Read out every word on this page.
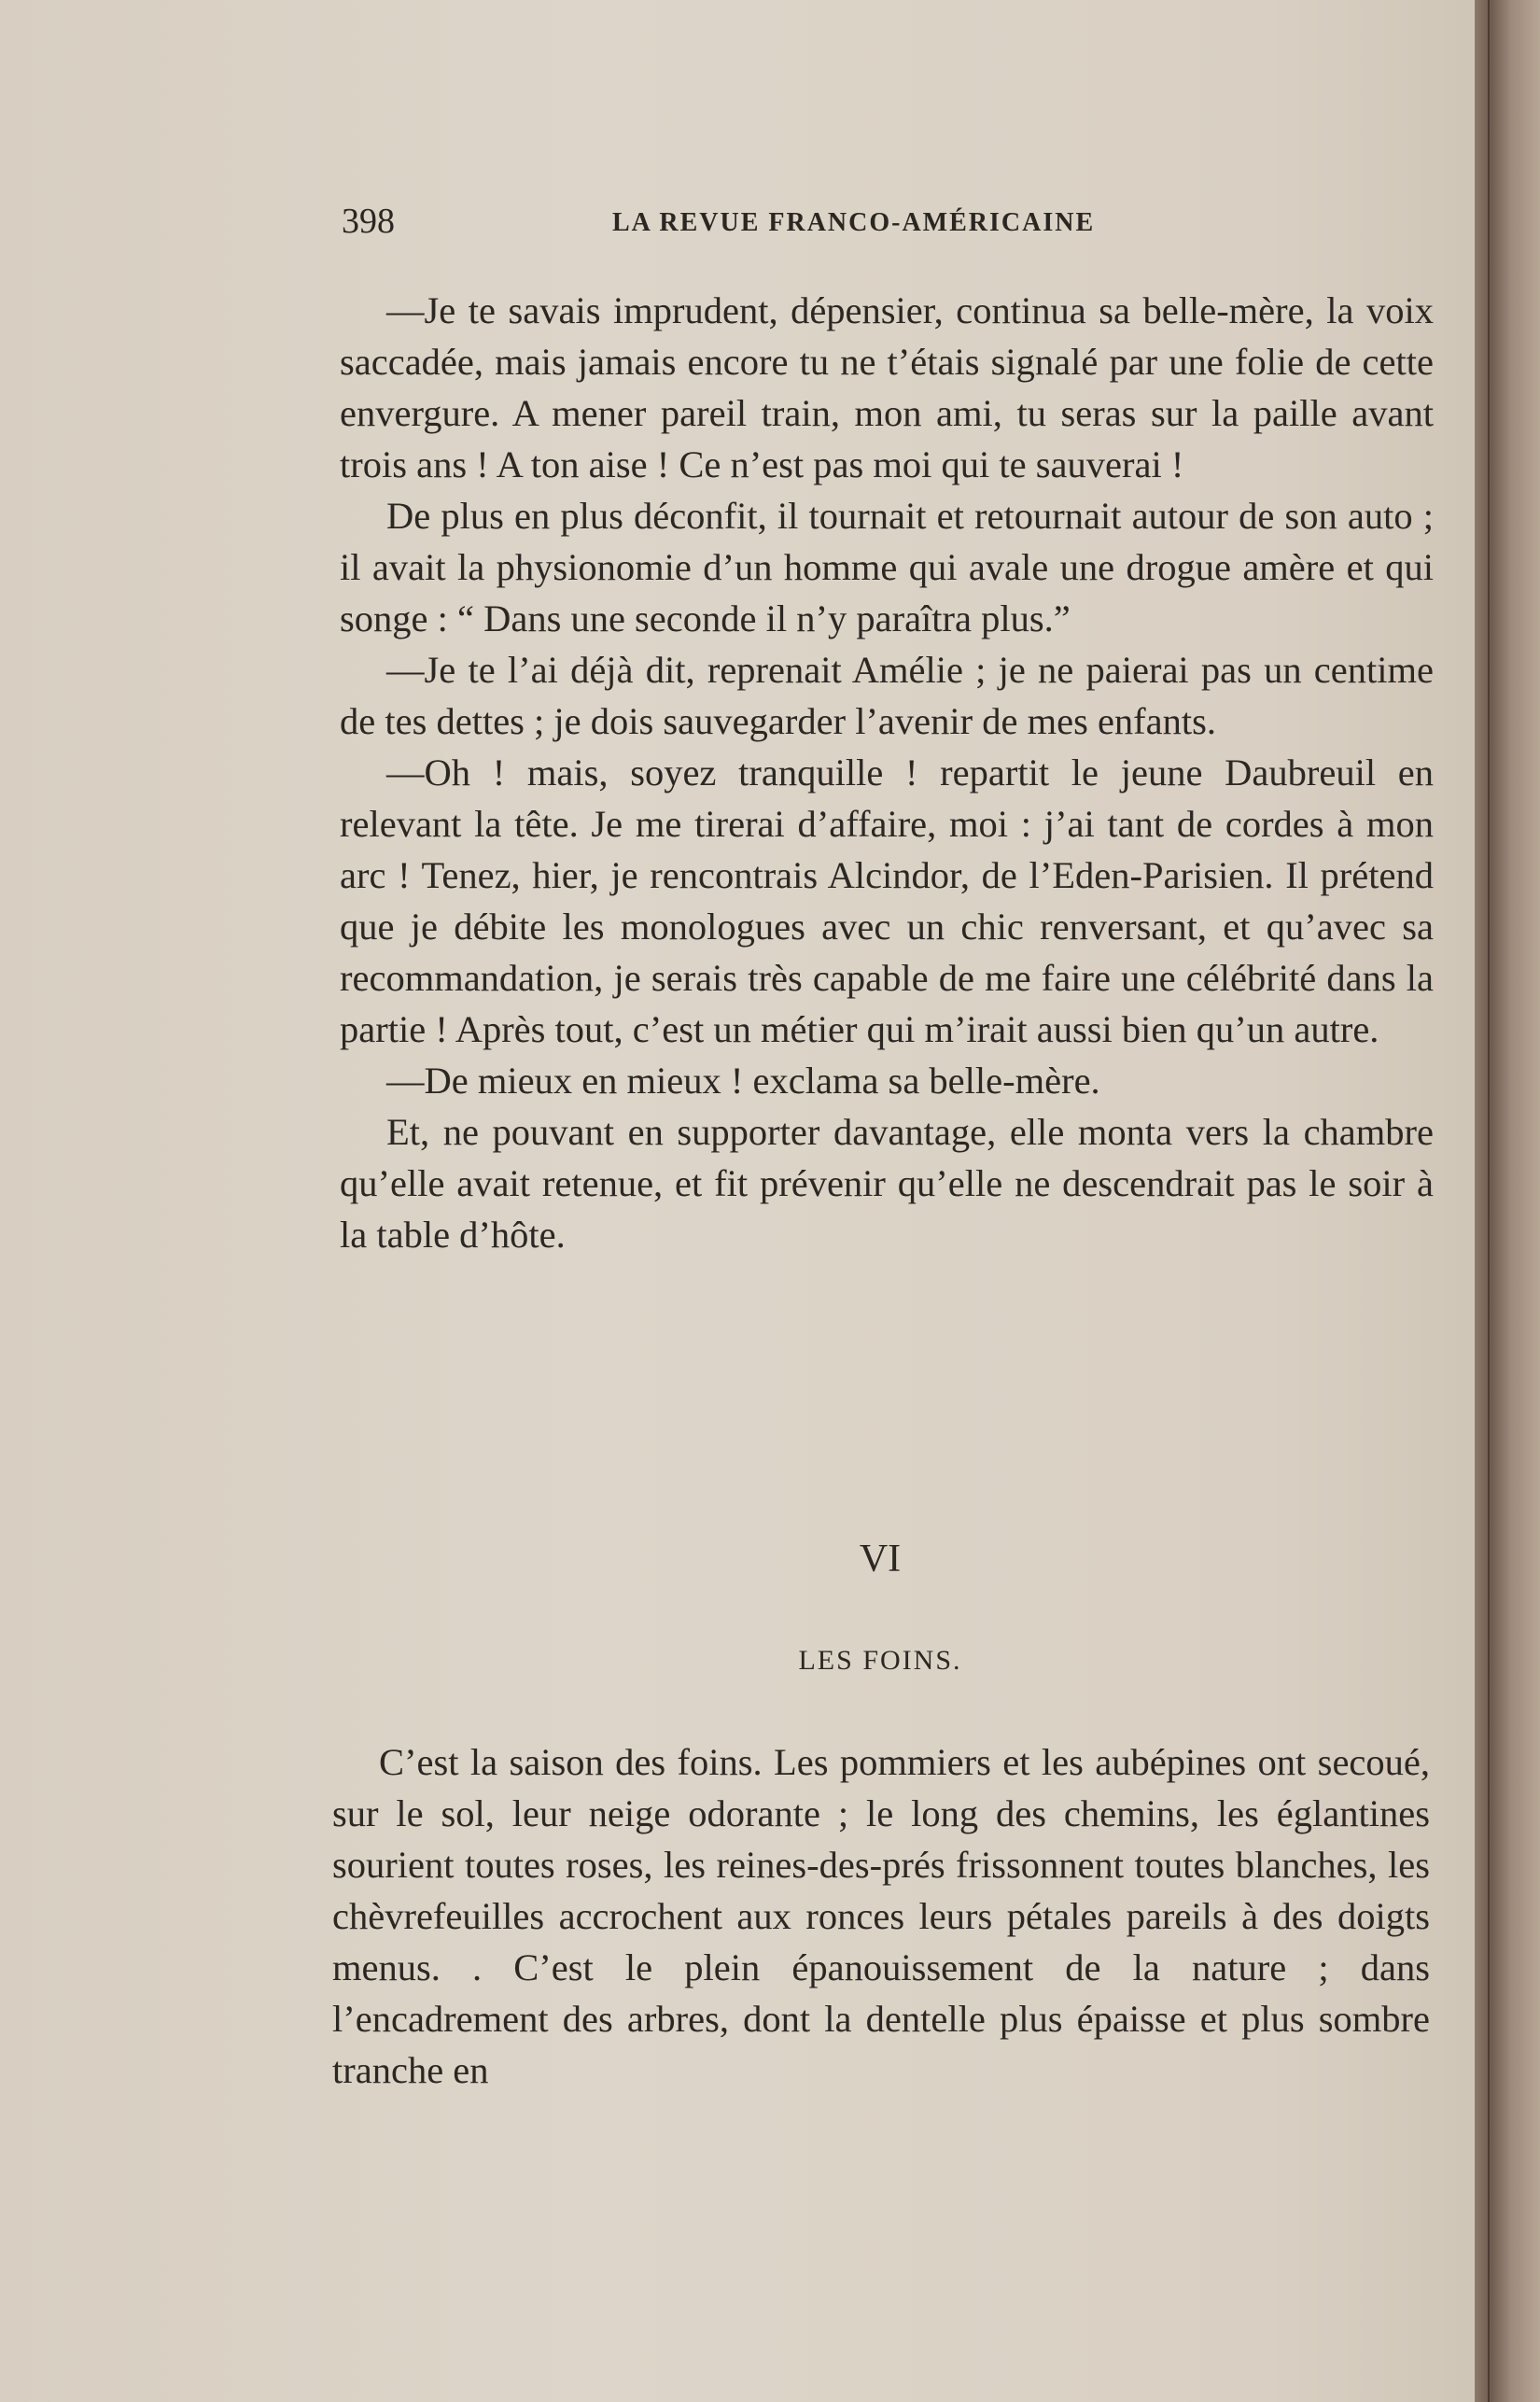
398	LA REVUE FRANCO-AMÉRICAINE

—Je te savais imprudent, dépensier, continua sa belle-mère, la voix saccadée, mais jamais encore tu ne t’étais signalé par une folie de cette envergure. A mener pareil train, mon ami, tu seras sur la paille avant trois ans ! A ton aise ! Ce n’est pas moi qui te sauverai !

De plus en plus déconfit, il tournait et retournait autour de son auto ; il avait la physionomie d’un homme qui avale une drogue amère et qui songe : “ Dans une seconde il n’y paraîtra plus.”

—Je te l’ai déjà dit, reprenait Amélie ; je ne paierai pas un centime de tes dettes ; je dois sauvegarder l’avenir de mes enfants.

—Oh ! mais, soyez tranquille ! repartit le jeune Daubreuil en relevant la tête. Je me tirerai d’affaire, moi : j’ai tant de cordes à mon arc ! Tenez, hier, je rencontrais Alcindor, de l’Eden-Parisien. Il prétend que je débite les monologues avec un chic renversant, et qu’avec sa recommandation, je serais très capable de me faire une célébrité dans la partie ! Après tout, c’est un métier qui m’irait aussi bien qu’un autre.

—De mieux en mieux ! exclama sa belle-mère.

Et, ne pouvant en supporter davantage, elle monta vers la chambre qu’elle avait retenue, et fit prévenir qu’elle ne descendrait pas le soir à la table d’hôte.

VI
LES FOINS.

C’est la saison des foins. Les pommiers et les aubépines ont secoué, sur le sol, leur neige odorante ; le long des chemins, les églantines sourient toutes roses, les reines-des-prés frissonnent toutes blanches, les chèvrefeuilles accrochent aux ronces leurs pétales pareils à des doigts menus. . C’est le plein épanouissement de la nature ; dans l’encadrement des arbres, dont la dentelle plus épaisse et plus sombre tranche en
